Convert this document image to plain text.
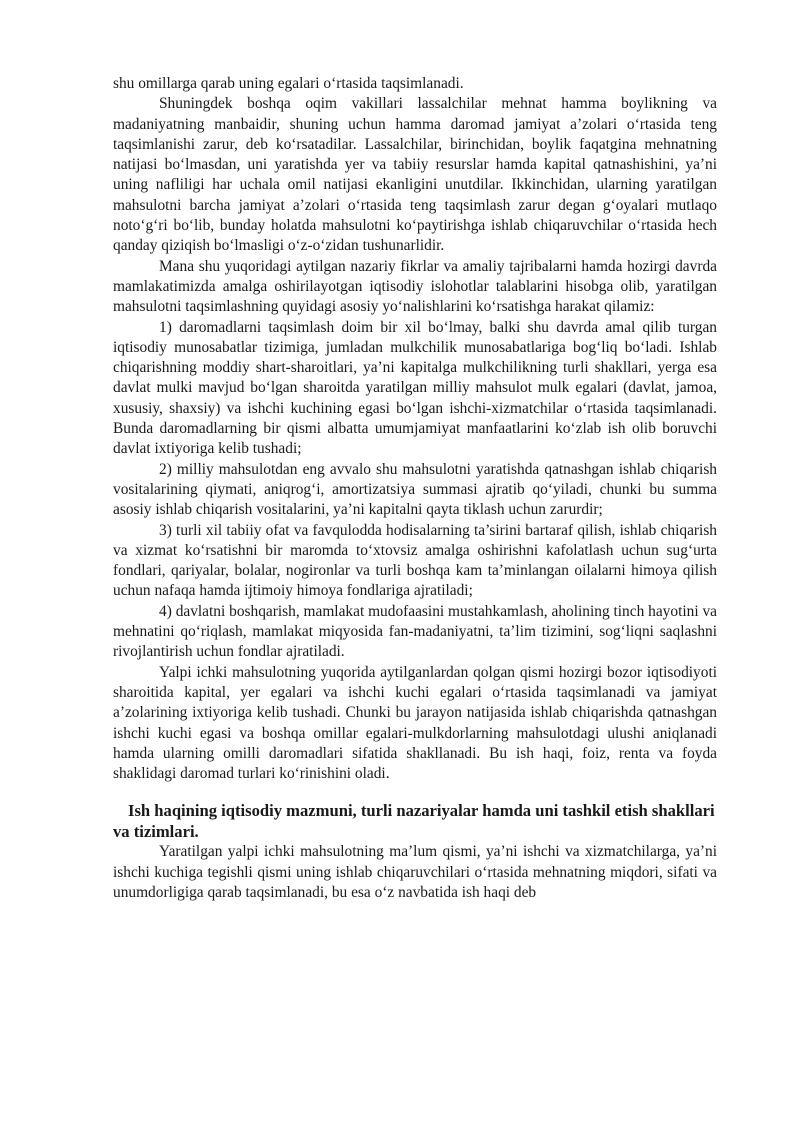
shu omillarga qarab uning egalari o‘rtasida taqsimlanadi.

Shuningdek boshqa oqim vakillari lassalchilar mehnat hamma boylikning va madaniyatning manbaidir, shuning uchun hamma daromad jamiyat a’zolari o‘rtasida teng taqsimlanishi zarur, deb ko‘rsatadilar. Lassalchilar, birinchidan, boylik faqatgina mehnatning natijasi bo‘lmasdan, uni yaratishda yer va tabiiy resurslar hamda kapital qatnashishini, ya’ni uning nafliligi har uchala omil natijasi ekanligini unutdilar. Ikkinchidan, ularning yaratilgan mahsulotni barcha jamiyat a’zolari o‘rtasida teng taqsimlash zarur degan g‘oyalari mutlaqo noto‘g‘ri bo‘lib, bunday holatda mahsulotni ko‘paytirishga ishlab chiqaruvchilar o‘rtasida hech qanday qiziqish bo‘lmasligi o‘z-o‘zidan tushunarlidir.

Mana shu yuqoridagi aytilgan nazariy fikrlar va amaliy tajribalarni hamda hozirgi davrda mamlakatimizda amalga oshirilayotgan iqtisodiy islohotlar talablarini hisobga olib, yaratilgan mahsulotni taqsimlashning quyidagi asosiy yo‘nalishlarini ko‘rsatishga harakat qilamiz:

1) daromadlarni taqsimlash doim bir xil bo‘lmay, balki shu davrda amal qilib turgan iqtisodiy munosabatlar tizimiga, jumladan mulkchilik munosabatlariga bog‘liq bo‘ladi. Ishlab chiqarishning moddiy shart-sharoitlari, ya’ni kapitalga mulkchilikning turli shakllari, yerga esa davlat mulki mavjud bo‘lgan sharoitda yaratilgan milliy mahsulot mulk egalari (davlat, jamoa, xususiy, shaxsiy) va ishchi kuchining egasi bo‘lgan ishchi-xizmatchilar o‘rtasida taqsimlanadi. Bunda daromadlarning bir qismi albatta umumjamiyat manfaatlarini ko‘zlab ish olib boruvchi davlat ixtiyoriga kelib tushadi;

2) milliy mahsulotdan eng avvalo shu mahsulotni yaratishda qatnashgan ishlab chiqarish vositalarining qiymati, aniqrog‘i, amortizatsiya summasi ajratib qo‘yiladi, chunki bu summa asosiy ishlab chiqarish vositalarini, ya’ni kapitalni qayta tiklash uchun zarurdir;

3) turli xil tabiiy ofat va favqulodda hodisalarning ta’sirini bartaraf qilish, ishlab chiqarish va xizmat ko‘rsatishni bir maromda to‘xtovsiz amalga oshirishni kafolatlash uchun sug‘urta fondlari, qariyalar, bolalar, nogironlar va turli boshqa kam ta’minlangan oilalarni himoya qilish uchun nafaqa hamda ijtimoiy himoya fondlariga ajratiladi;

4) davlatni boshqarish, mamlakat mudofaasini mustahkamlash, aholining tinch hayotini va mehnatini qo‘riqlash, mamlakat miqyosida fan-madaniyatni, ta’lim tizimini, sog‘liqni saqlashni rivojlantirish uchun fondlar ajratiladi.

Yalpi ichki mahsulotning yuqorida aytilganlardan qolgan qismi hozirgi bozor iqtisodiyoti sharoitida kapital, yer egalari va ishchi kuchi egalari o‘rtasida taqsimlanadi va jamiyat a’zolarining ixtiyoriga kelib tushadi. Chunki bu jarayon natijasida ishlab chiqarishda qatnashgan ishchi kuchi egasi va boshqa omillar egalari-mulkdorlarning mahsulotdagi ulushi aniqlanadi hamda ularning omilli daromadlari sifatida shakllanadi. Bu ish haqi, foiz, renta va foyda shaklidagi daromad turlari ko‘rinishini oladi.

Ish haqining iqtisodiy mazmuni, turli nazariyalar hamda uni tashkil etish shakllari va tizimlari.

Yaratilgan yalpi ichki mahsulotning ma’lum qismi, ya’ni ishchi va xizmatchilarga, ya’ni ishchi kuchiga tegishli qismi uning ishlab chiqaruvchilari o‘rtasida mehnatning miqdori, sifati va unumdorligiga qarab taqsimlanadi, bu esa o‘z navbatida ish haqi deb
